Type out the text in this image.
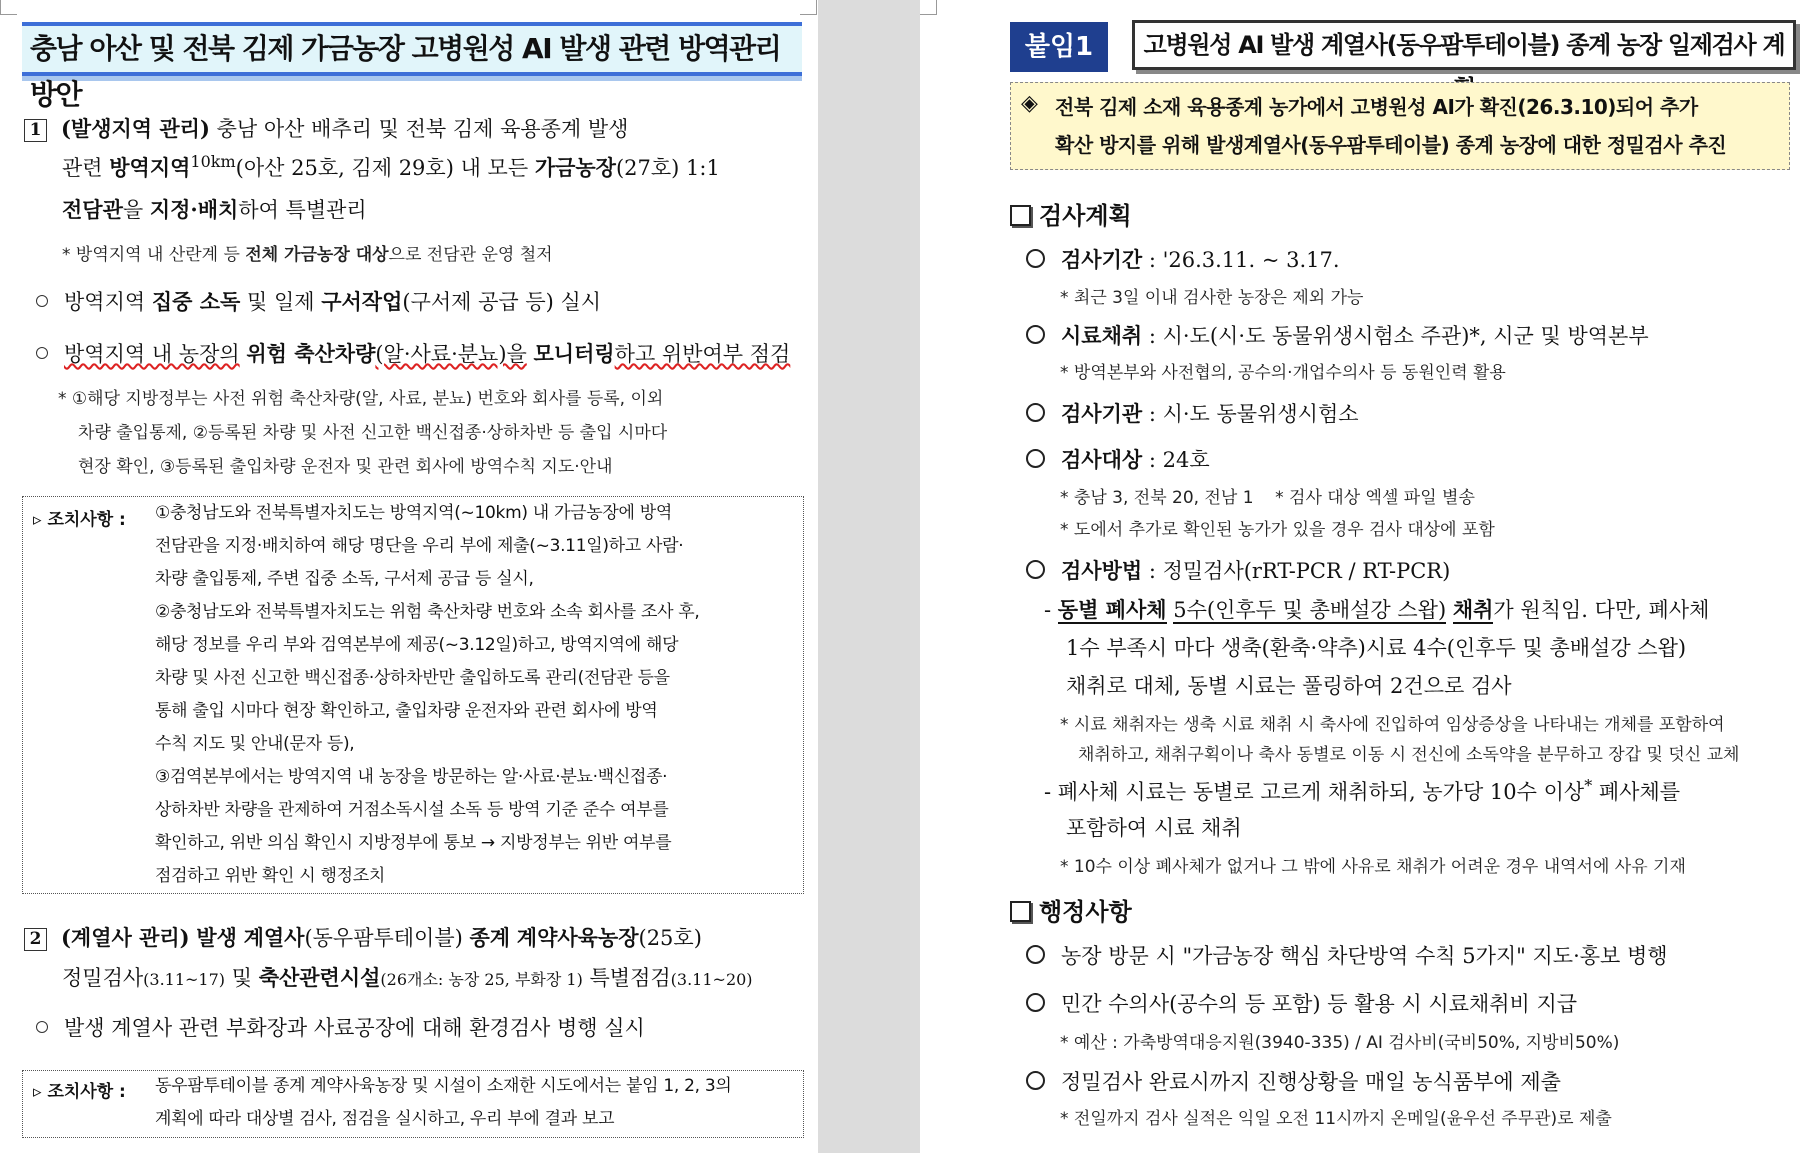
충남 아산 및 전북 김제 가금농장 고병원성 AI 발생 관련 방역관리 방안
1 (발생지역 관리) 충남 아산 배추리 및 전북 김제 육용종계 발생
관련 방역지역$^{10km}$(아산 25호, 김제 29호) 내 모든 가금농장(27호) 1:1
전담관을 지정·배치하여 특별관리
* 방역지역 내 산란계 등 전체 가금농장 대상으로 전담관 운영 철저
방역지역 집중 소독 및 일제 구서작업(구서제 공급 등) 실시
방역지역 내 농장의 위험 축산차량(알·사료·분뇨)을 모니터링하고 위반여부 점검
* ①해당 지방정부는 사전 위험 축산차량(알, 사료, 분뇨) 번호와 회사를 등록, 이외
차량 출입통제, ②등록된 차량 및 사전 신고한 백신접종·상하차반 등 출입 시마다
현장 확인, ③등록된 출입차량 운전자 및 관련 회사에 방역수칙 지도·안내
▹ 조치사항 : ①충청남도와 전북특별자치도는 방역지역(~10km) 내 가금농장에 방역
전담관을 지정·배치하여 해당 명단을 우리 부에 제출(~3.11일)하고 사람·
차량 출입통제, 주변 집중 소독, 구서제 공급 등 실시,
②충청남도와 전북특별자치도는 위험 축산차량 번호와 소속 회사를 조사 후,
해당 정보를 우리 부와 검역본부에 제공(~3.12일)하고, 방역지역에 해당
차량 및 사전 신고한 백신접종·상하차반만 출입하도록 관리(전담관 등을
통해 출입 시마다 현장 확인하고, 출입차량 운전자와 관련 회사에 방역
수칙 지도 및 안내(문자 등),
③검역본부에서는 방역지역 내 농장을 방문하는 알·사료·분뇨·백신접종·
상하차반 차량을 관제하여 거점소독시설 소독 등 방역 기준 준수 여부를
확인하고, 위반 의심 확인시 지방정부에 통보 → 지방정부는 위반 여부를
점검하고 위반 확인 시 행정조치
2 (계열사 관리) 발생 계열사(동우팜투테이블) 종계 계약사육농장(25호)
정밀검사(3.11~17) 및 축산관련시설(26개소: 농장 25, 부화장 1) 특별점검(3.11~20)
발생 계열사 관련 부화장과 사료공장에 대해 환경검사 병행 실시
▹ 조치사항 : 동우팜투테이블 종계 계약사육농장 및 시설이 소재한 시도에서는 붙임 1, 2, 3의
계획에 따라 대상별 검사, 점검을 실시하고, 우리 부에 결과 보고
붙임1	고병원성 AI 발생 계열사(동우팜투테이블) 종계 농장 일제검사 계
◈ 전북 김제 소재 육용종계 농가에서 고병원성 AI가 확진(26.3.10)되어 추가
확산 방지를 위해 발생계열사(동우팜투테이블) 종계 농장에 대한 정밀검사 추진
검사계획
검사기간 : '26.3.11. ~ 3.17.
* 최근 3일 이내 검사한 농장은 제외 가능
시료채취 : 시·도(시·도 동물위생시험소 주관)*, 시군 및 방역본부
* 방역본부와 사전협의, 공수의·개업수의사 등 동원인력 활용
검사기관 : 시·도 동물위생시험소
검사대상 : 24호
* 충남 3, 전북 20, 전남 1    * 검사 대상 엑셀 파일 별송
* 도에서 추가로 확인된 농가가 있을 경우 검사 대상에 포함
검사방법 : 정밀검사(rRT-PCR / RT-PCR)
- 동별 폐사체 5수(인후두 및 총배설강 스왑) 채취가 원칙임. 다만, 폐사체
1수 부족시 마다 생축(환축·약추)시료 4수(인후두 및 총배설강 스왑)
채취로 대체, 동별 시료는 풀링하여 2건으로 검사
* 시료 채취자는 생축 시료 채취 시 축사에 진입하여 임상증상을 나타내는 개체를 포함하여
채취하고, 채취구획이나 축사 동별로 이동 시 전신에 소독약을 분무하고 장갑 및 덧신 교체
- 폐사체 시료는 동별로 고르게 채취하되, 농가당 10수 이상* 폐사체를
포함하여 시료 채취
* 10수 이상 폐사체가 없거나 그 밖에 사유로 채취가 어려운 경우 내역서에 사유 기재
행정사항
농장 방문 시 "가금농장 핵심 차단방역 수칙 5가지" 지도·홍보 병행
민간 수의사(공수의 등 포함) 등 활용 시 시료채취비 지급
* 예산 : 가축방역대응지원(3940-335) / AI 검사비(국비50%, 지방비50%)
정밀검사 완료시까지 진행상황을 매일 농식품부에 제출
* 전일까지 검사 실적은 익일 오전 11시까지 온메일(윤우선 주무관)로 제출
